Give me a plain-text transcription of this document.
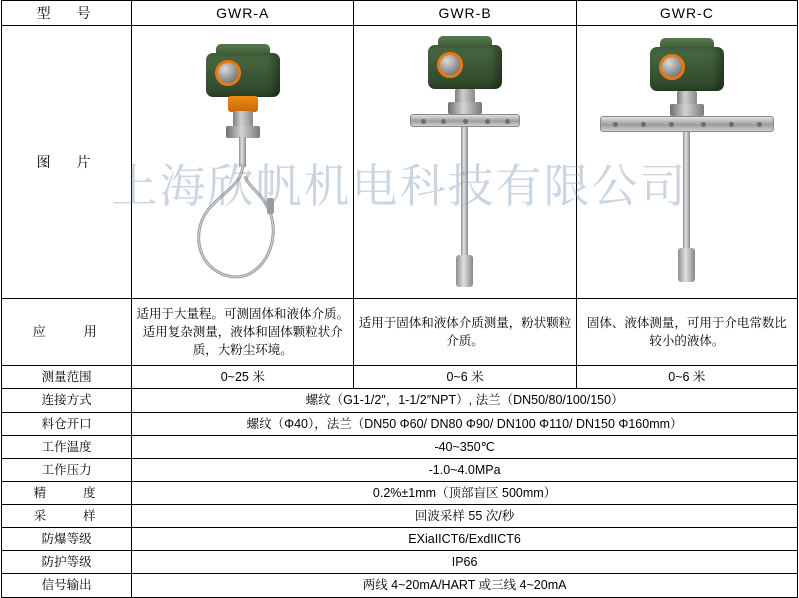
型　号	GWR-A	GWR-B	GWR-C
图　片	

应　　用	适用于大量程。可测固体和液体介质。适用复杂测量，液体和固体颗粒状介质，大粉尘环境。	适用于固体和液体介质测量，粉状颗粒介质。	固体、液体测量，可用于介电常数比较小的液体。
测量范围	0~25 米	0~6 米	0~6 米
连接方式	螺纹（G1-1/2″，1-1/2″NPT）, 法兰（DN50/80/100/150）		
料仓开口	螺纹（Φ40），法兰（DN50 Φ60/ DN80 Φ90/ DN100 Φ110/ DN150 Φ160mm）		
工作温度	-40~350℃		
工作压力	-1.0~4.0MPa		
精　　度	0.2%±1mm（顶部盲区 500mm）		
采　　样	回波采样 55 次/秒		
防爆等级	EXiaIICT6/ExdIICT6		
防护等级	IP66		
信号输出	两线 4~20mA/HART 或三线 4~20mA		
上海欣帆机电科技有限公司
